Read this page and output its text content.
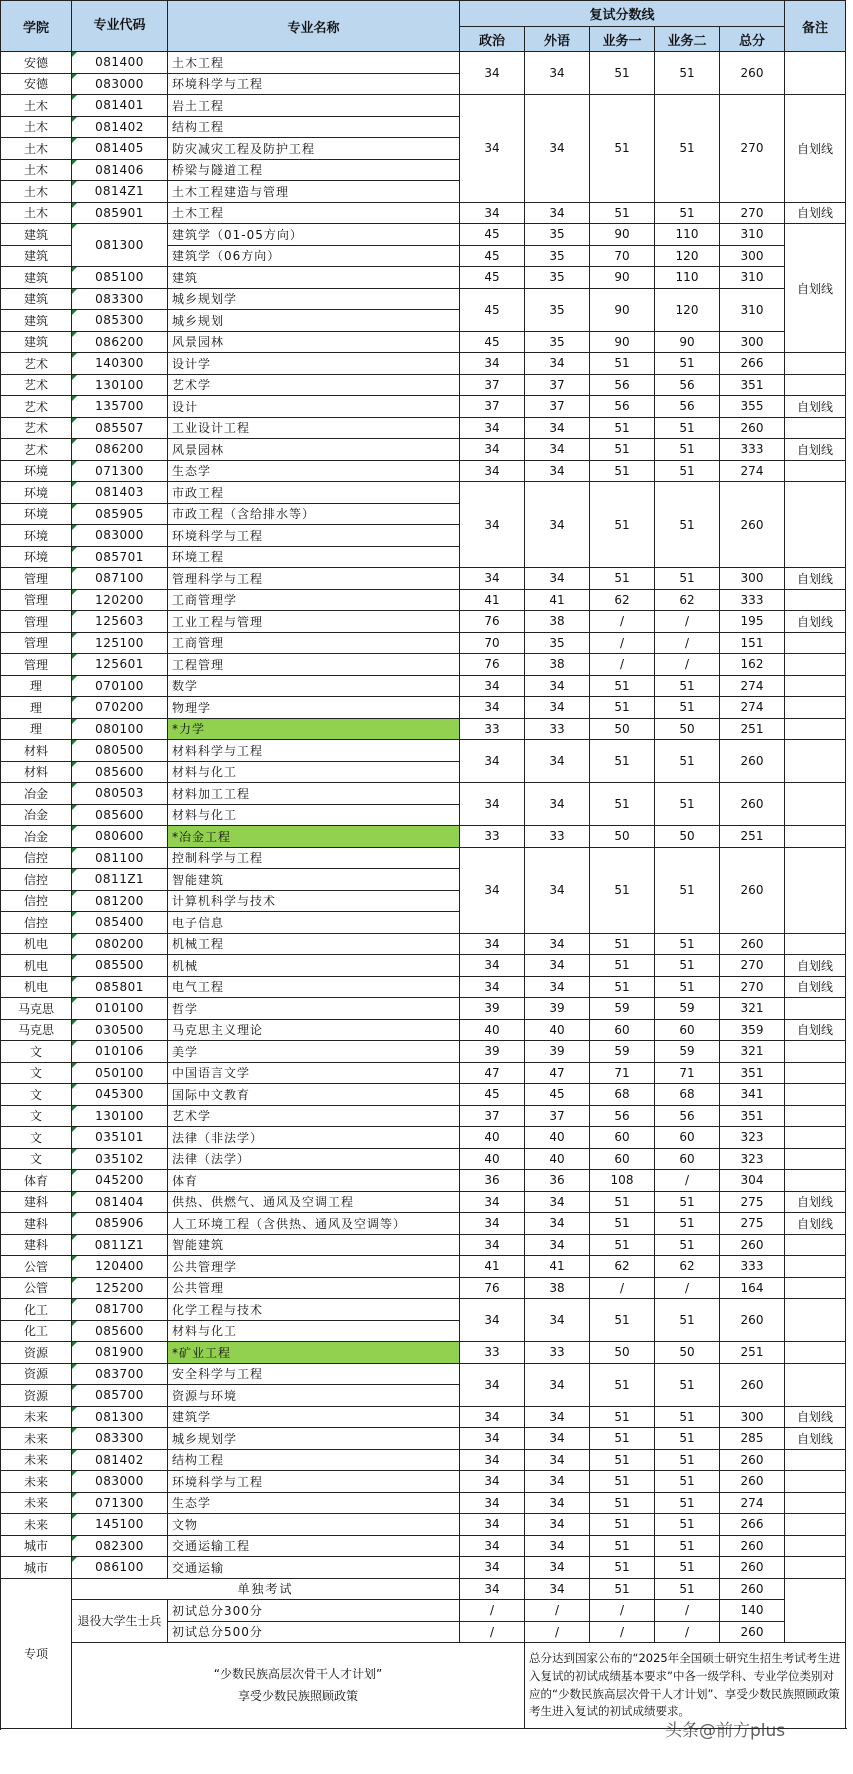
学院	专业代码	专业名称	复试分数线					备注
			政治	外语	业务一	业务二	总分	
安德	081400	土木工程	34	34	51	51	260	
安德	083000	环境科学与工程						
土木	081401	岩土工程	34	34	51	51	270	自划线
土木	081402	结构工程						
土木	081405	防灾减灾工程及防护工程						
土木	081406	桥梁与隧道工程						
土木	0814Z1	土木工程建造与管理						
土木	085901	土木工程	34	34	51	51	270	自划线
建筑	081300	建筑学（01-05方向）	45	35	90	110	310	自划线
建筑		建筑学（06方向）	45	35	70	120	300	
建筑	085100	建筑	45	35	90	110	310	
建筑	083300	城乡规划学	45	35	90	120	310	
建筑	085300	城乡规划						
建筑	086200	风景园林	45	35	90	90	300	
艺术	140300	设计学	34	34	51	51	266	
艺术	130100	艺术学	37	37	56	56	351	
艺术	135700	设计	37	37	56	56	355	自划线
艺术	085507	工业设计工程	34	34	51	51	260	
艺术	086200	风景园林	34	34	51	51	333	自划线
环境	071300	生态学	34	34	51	51	274	
环境	081403	市政工程	34	34	51	51	260	
环境	085905	市政工程（含给排水等）						
环境	083000	环境科学与工程						
环境	085701	环境工程						
管理	087100	管理科学与工程	34	34	51	51	300	自划线
管理	120200	工商管理学	41	41	62	62	333	
管理	125603	工业工程与管理	76	38	/	/	195	自划线
管理	125100	工商管理	70	35	/	/	151	
管理	125601	工程管理	76	38	/	/	162	
理	070100	数学	34	34	51	51	274	
理	070200	物理学	34	34	51	51	274	
理	080100	*力学	33	33	50	50	251	
材料	080500	材料科学与工程	34	34	51	51	260	
材料	085600	材料与化工						
冶金	080503	材料加工工程	34	34	51	51	260	
冶金	085600	材料与化工						
冶金	080600	*冶金工程	33	33	50	50	251	
信控	081100	控制科学与工程	34	34	51	51	260	
信控	0811Z1	智能建筑						
信控	081200	计算机科学与技术						
信控	085400	电子信息						
机电	080200	机械工程	34	34	51	51	260	
机电	085500	机械	34	34	51	51	270	自划线
机电	085801	电气工程	34	34	51	51	270	自划线
马克思	010100	哲学	39	39	59	59	321	
马克思	030500	马克思主义理论	40	40	60	60	359	自划线
文	010106	美学	39	39	59	59	321	
文	050100	中国语言文学	47	47	71	71	351	
文	045300	国际中文教育	45	45	68	68	341	
文	130100	艺术学	37	37	56	56	351	
文	035101	法律（非法学）	40	40	60	60	323	
文	035102	法律（法学）	40	40	60	60	323	
体育	045200	体育	36	36	108	/	304	
建科	081404	供热、供燃气、通风及空调工程	34	34	51	51	275	自划线
建科	085906	人工环境工程（含供热、通风及空调等）	34	34	51	51	275	自划线
建科	0811Z1	智能建筑	34	34	51	51	260	
公管	120400	公共管理学	41	41	62	62	333	
公管	125200	公共管理	76	38	/	/	164	
化工	081700	化学工程与技术	34	34	51	51	260	
化工	085600	材料与化工						
资源	081900	*矿业工程	33	33	50	50	251	
资源	083700	安全科学与工程	34	34	51	51	260	
资源	085700	资源与环境						
未来	081300	建筑学	34	34	51	51	300	自划线
未来	083300	城乡规划学	34	34	51	51	285	自划线
未来	081402	结构工程	34	34	51	51	260	
未来	083000	环境科学与工程	34	34	51	51	260	
未来	071300	生态学	34	34	51	51	274	
未来	145100	文物	34	34	51	51	266	
城市	082300	交通运输工程	34	34	51	51	260	
城市	086100	交通运输	34	34	51	51	260	
专项	单独考试		34	34	51	51	260	
	退役大学生士兵	初试总分300分	/	/	/	/	140	
		初试总分500分	/	/	/	/	260	

	“少数民族高层次骨干人才计划”
享受少数民族照顾政策			总分达到国家公布的“2025年全国硕士研究生招生考试考生进入复试的初试成绩基本要求”中各一级学科、专业学位类别对应的“少数民族高层次骨干人才计划”、享受少数民族照顾政策考生进入复试的初试成绩要求。				

头条@前方plus
